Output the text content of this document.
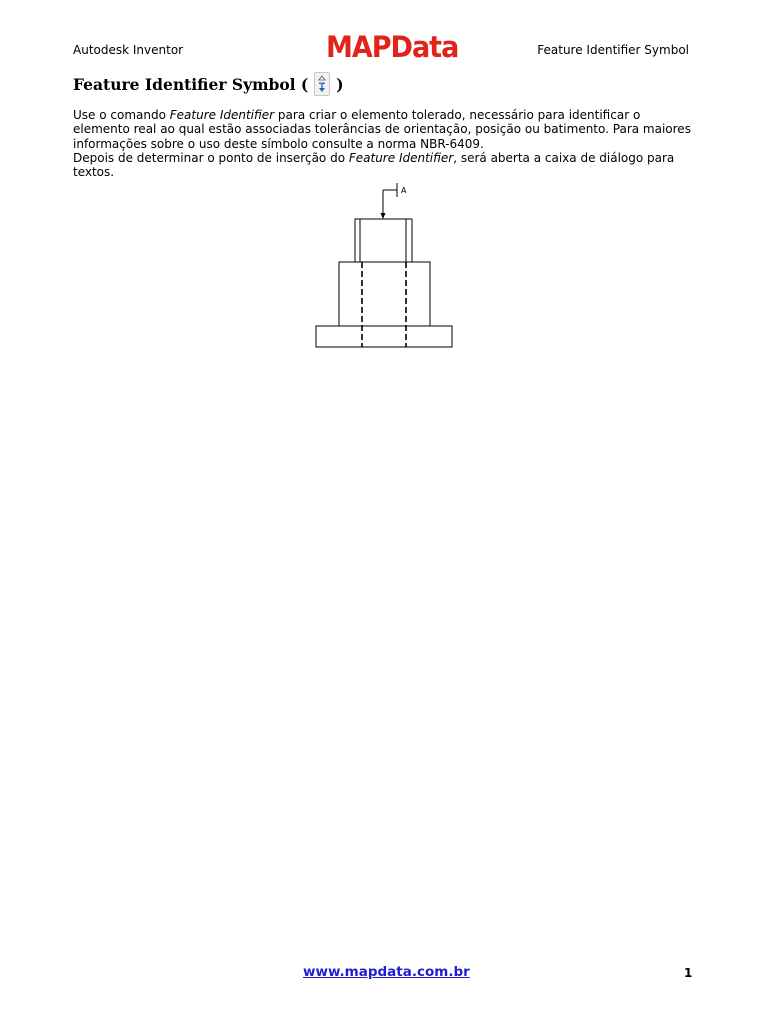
Autodesk Inventor	MAPData	Feature Identifier Symbol
Feature Identifier Symbol ( )

Use o comando Feature Identifier para criar o elemento tolerado, necessário para identificar o elemento real ao qual estão associadas tolerâncias de orientação, posição ou batimento. Para maiores informações sobre o uso deste símbolo consulte a norma NBR-6409.

Depois de determinar o ponto de inserção do Feature Identifier, será aberta a caixa de diálogo para textos.

A
www.mapdata.com.br	1
